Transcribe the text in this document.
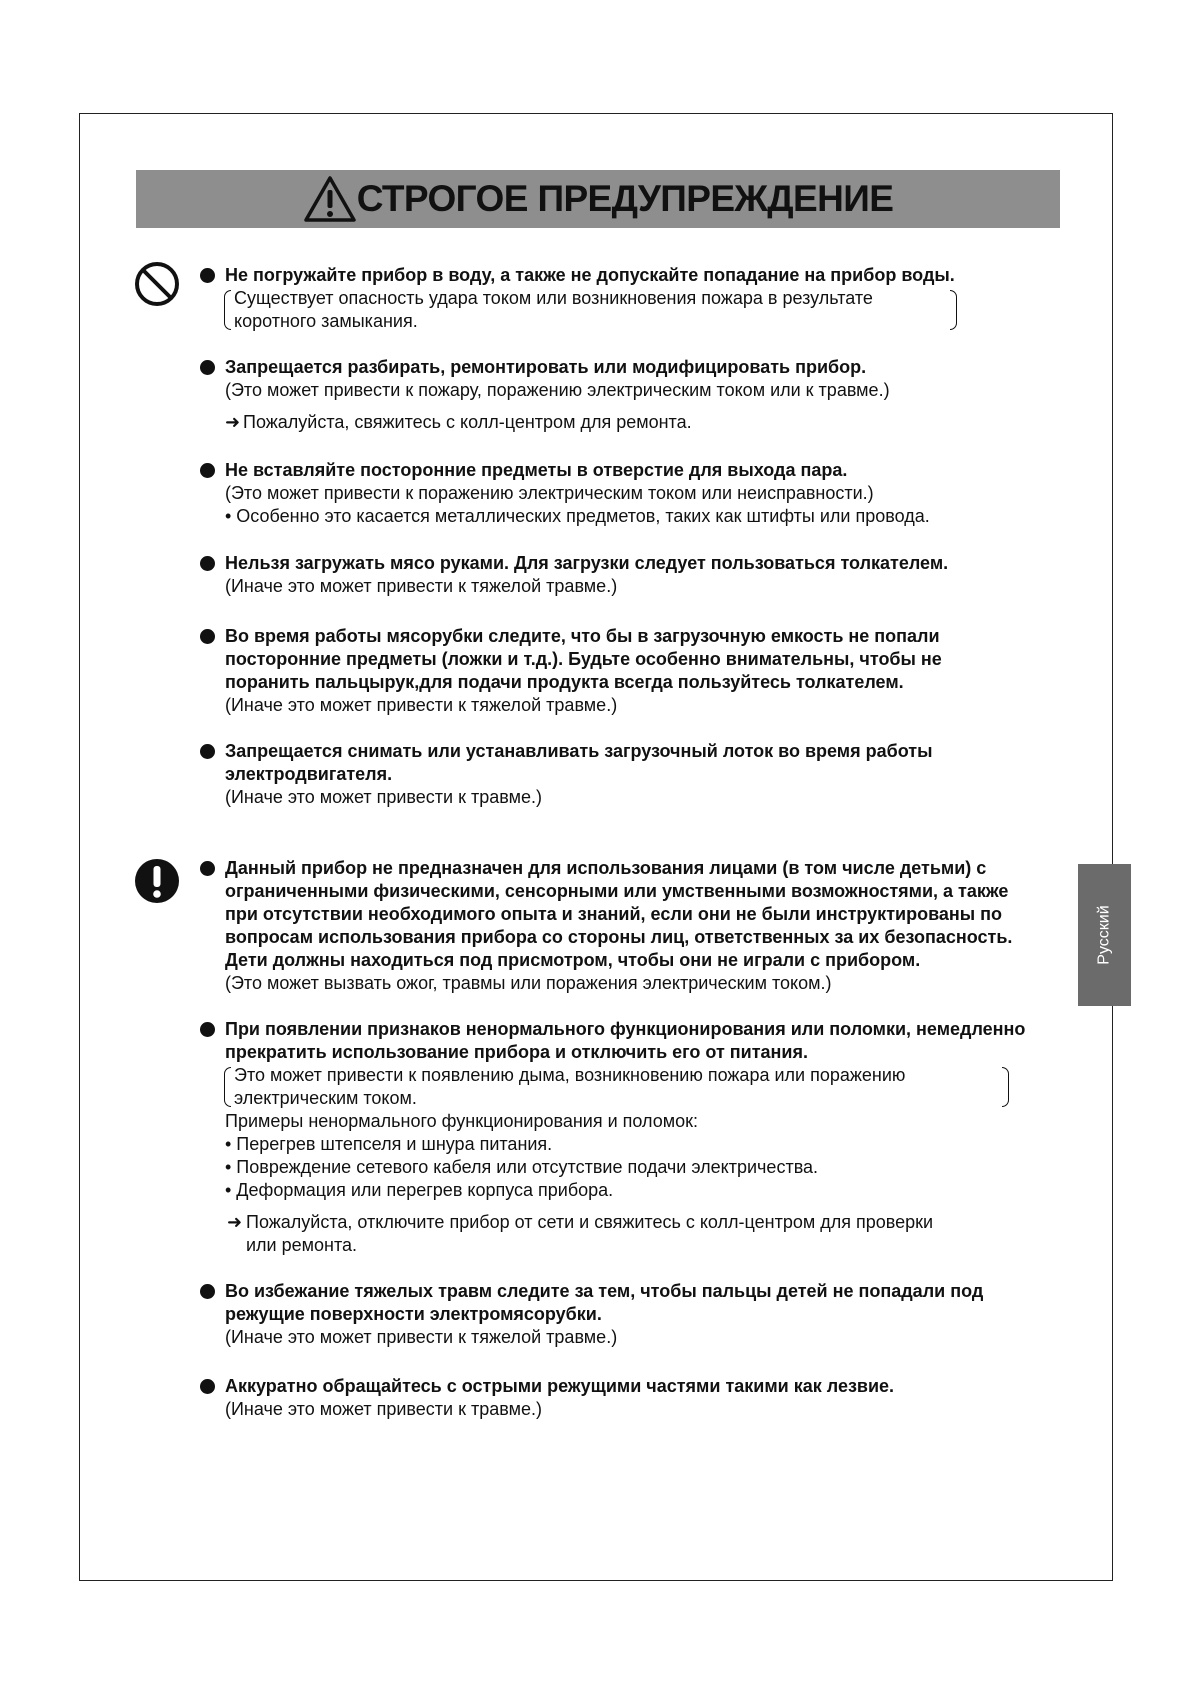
СТРОГОЕ ПРЕДУПРЕЖДЕНИЕ
Русский
Не погружайте прибор в воду, а также не допускайте попадание на прибор воды.
Существует опасность удара током или возникновения пожара в результате
коротного замыкания.
Запрещается разбирать, ремонтировать или модифицировать прибор.
(Это может привести к пожару, поражению электрическим током или к травме.)
➜ Пожалуйста, свяжитесь с колл-центром для ремонта.
Не вставляйте посторонние предметы в отверстие для выхода пара.
(Это может привести к поражению электрическим током или неисправности.)
• Особенно это касается металлических предметов, таких как штифты или провода.
Нельзя загружать мясо руками. Для загрузки следует пользоваться толкателем.
(Иначе это может привести к тяжелой травме.)
Во время работы мясорубки следите, что бы в загрузочную емкость не попали
посторонние предметы (ложки и т.д.). Будьте особенно внимательны, чтобы не
поранить пальцырук,для подачи продукта всегда пользуйтесь толкателем.
(Иначе это может привести к тяжелой травме.)
Запрещается снимать или устанавливать загрузочный лоток во время работы
электродвигателя.
(Иначе это может привести к травме.)
Данный прибор не предназначен для использования лицами (в том числе детьми) с
ограниченными физическими, сенсорными или умственными возможностями, а также
при отсутствии необходимого опыта и знаний, если они не были инструктированы по
вопросам использования прибора со стороны лиц, ответственных за их безопасность.
Дети должны находиться под присмотром, чтобы они не играли с прибором.
(Это может вызвать ожог, травмы или поражения электрическим током.)
При появлении признаков ненормального функционирования или поломки, немедленно
прекратить использование прибора и отключить его от питания.
Это может привести к появлению дыма, возникновению пожара или поражению
электрическим током.
Примеры ненормального функционирования и поломок:
• Перегрев штепселя и шнура питания.
• Повреждение сетевого кабеля или отсутствие подачи электричества.
• Деформация или перегрев корпуса прибора.
➜ Пожалуйста, отключите прибор от сети и свяжитесь с колл-центром для проверки
или ремонта.
Во избежание тяжелых травм следите за тем, чтобы пальцы детей не попадали под
режущие поверхности электромясорубки.
(Иначе это может привести к тяжелой травме.)
Аккуратно обращайтесь с острыми режущими частями такими как лезвие.
(Иначе это может привести к травме.)
